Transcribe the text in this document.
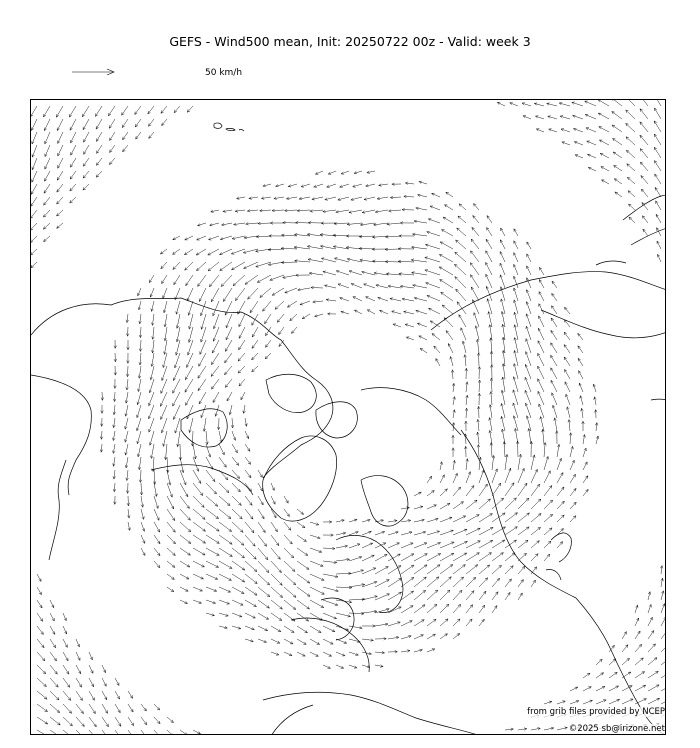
GEFS - Wind500 mean, Init: 20250722 00z - Valid: week 3
50 km/h
from grib files provided by NCEP
©2025 sb@irizone.net
